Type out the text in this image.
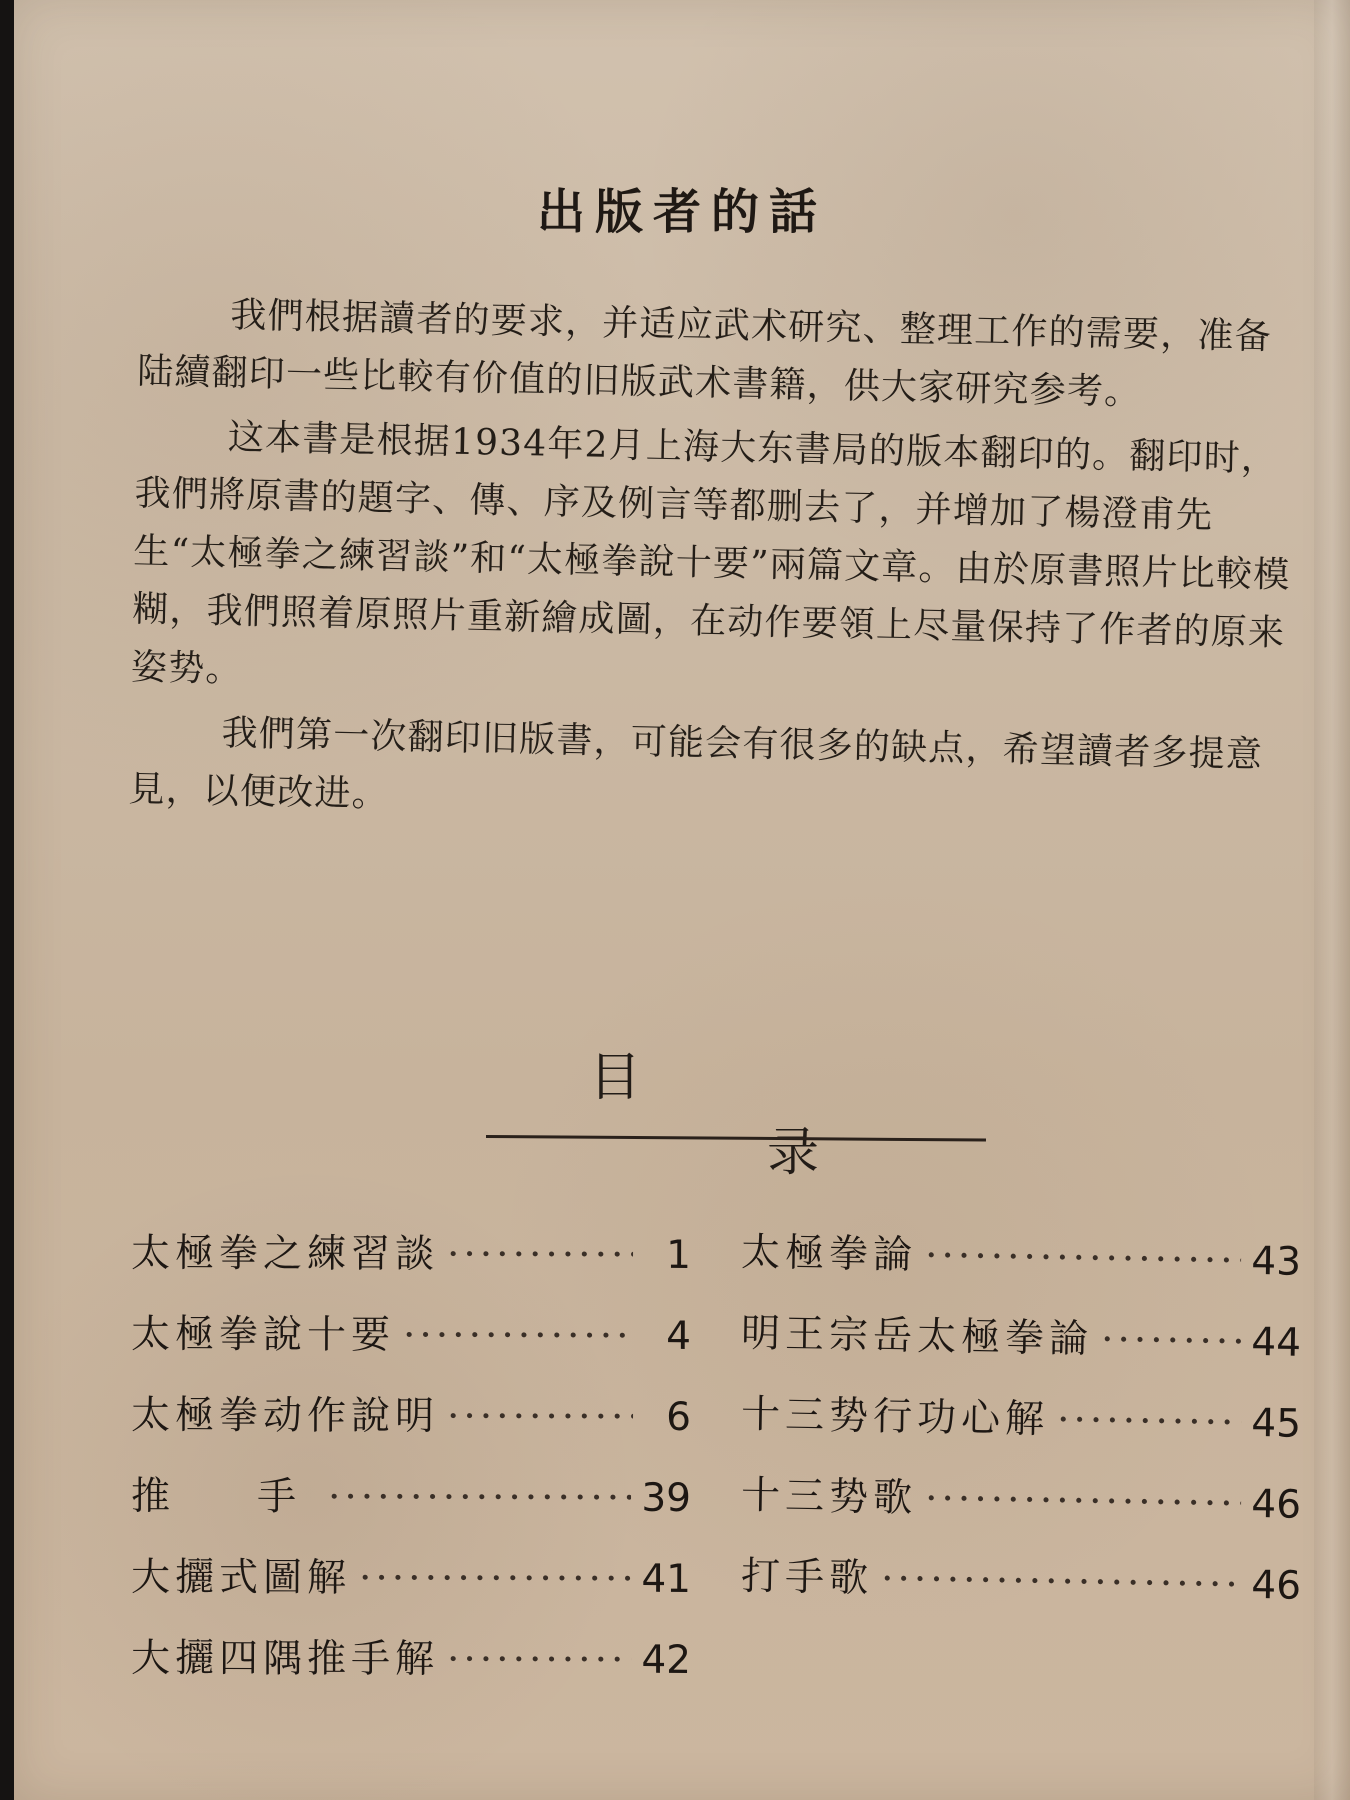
出版者的話

我們根据讀者的要求，并适应武术研究、整理工作的需要，准备陆續翻印一些比較有价值的旧版武术書籍，供大家研究参考。

这本書是根据1934年2月上海大东書局的版本翻印的。翻印时，我們將原書的題字、傳、序及例言等都删去了，并增加了楊澄甫先生“太極拳之練習談”和“太極拳說十要”兩篇文章。由於原書照片比較模糊，我們照着原照片重新繪成圖，在动作要領上尽量保持了作者的原来姿势。

我們第一次翻印旧版書，可能会有很多的缺点，希望讀者多提意見，以便改进。

目 录
太極拳之練習談 ·····	1
太極拳說十要 ·····	4
太極拳动作說明 ·····	6
推　手 ·····	39
大攦式圖解 ·····	41
大攦四隅推手解 ·····	42
太極拳論 ·····	43
明王宗岳太極拳論 ·····	44
十三势行功心解 ·····	45
十三势歌 ·····	46
打手歌 ·····	46
